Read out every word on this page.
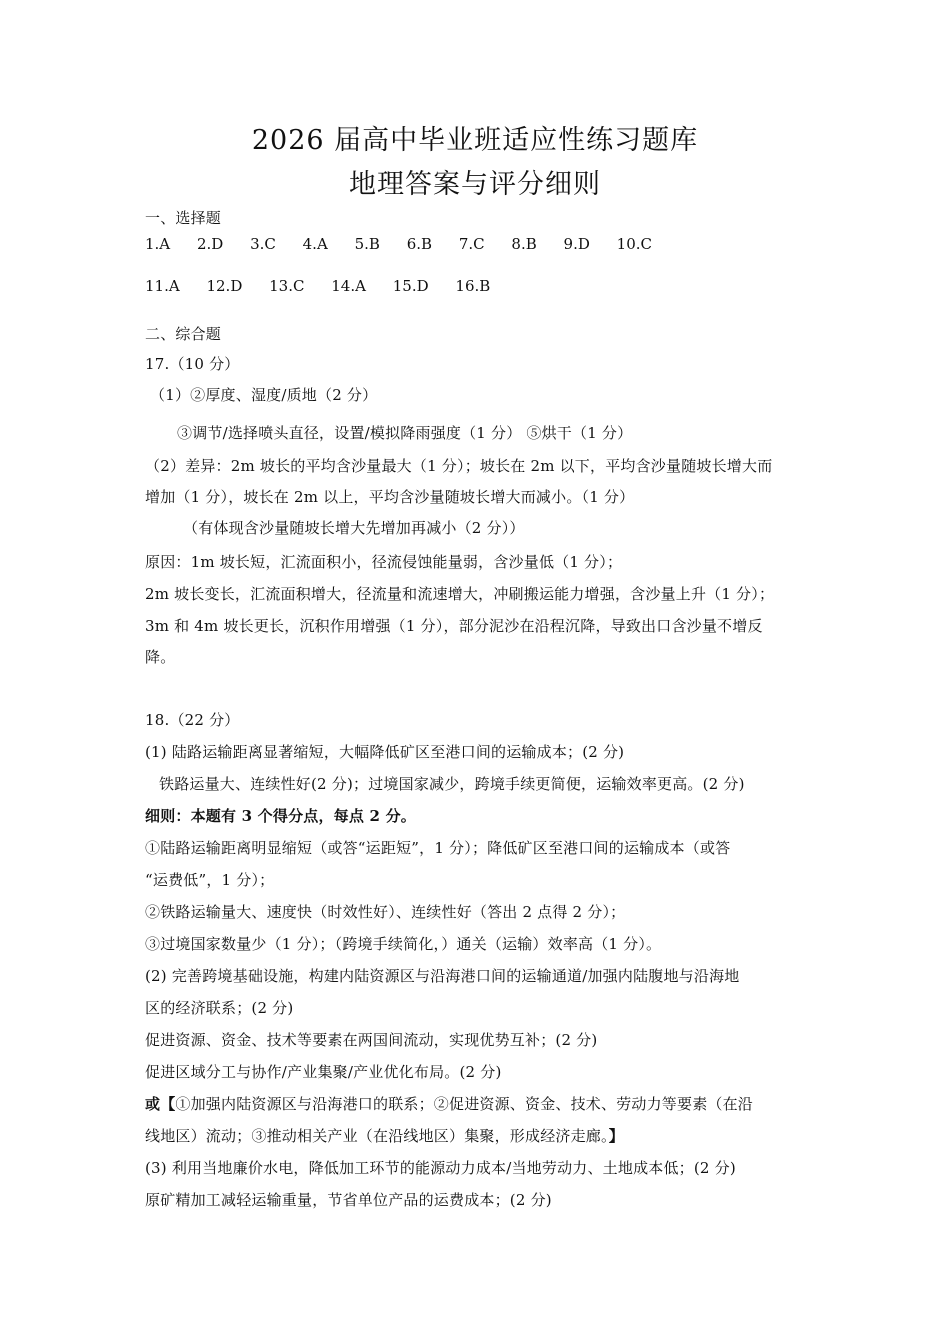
2026 届高中毕业班适应性练习题库
地理答案与评分细则
一、选择题
1.A 2.D 3.C 4.A 5.B 6.B 7.C 8.B 9.D 10.C
11.A 12.D 13.C 14.A 15.D 16.B
二、综合题
17.（10 分）
（1）②厚度、湿度/质地（2 分）
③调节/选择喷头直径，设置/模拟降雨强度（1 分） ⑤烘干（1 分）
（2）差异：2m 坡长的平均含沙量最大（1 分）；坡长在 2m 以下，平均含沙量随坡长增大而
增加（1 分），坡长在 2m 以上，平均含沙量随坡长增大而减小。（1 分）
（有体现含沙量随坡长增大先增加再减小（2 分））
原因：1m 坡长短，汇流面积小，径流侵蚀能量弱，含沙量低（1 分）；
2m 坡长变长，汇流面积增大，径流量和流速增大，冲刷搬运能力增强，含沙量上升（1 分）；
3m 和 4m 坡长更长，沉积作用增强（1 分），部分泥沙在沿程沉降，导致出口含沙量不增反
降。
18.（22 分）
(1) 陆路运输距离显著缩短，大幅降低矿区至港口间的运输成本；(2 分)
铁路运量大、连续性好(2 分)；过境国家减少，跨境手续更简便，运输效率更高。(2 分)
细则：本题有 3 个得分点，每点 2 分。
①陆路运输距离明显缩短（或答“运距短”，1 分）；降低矿区至港口间的运输成本（或答
“运费低”，1 分）；
②铁路运输量大、速度快（时效性好）、连续性好（答出 2 点得 2 分）；
③过境国家数量少（1 分）；（跨境手续简化，）通关（运输）效率高（1 分）。
(2) 完善跨境基础设施，构建内陆资源区与沿海港口间的运输通道/加强内陆腹地与沿海地
区的经济联系；(2 分)
促进资源、资金、技术等要素在两国间流动，实现优势互补；(2 分)
促进区域分工与协作/产业集聚/产业优化布局。(2 分)
或【①加强内陆资源区与沿海港口的联系；②促进资源、资金、技术、劳动力等要素（在沿
线地区）流动；③推动相关产业（在沿线地区）集聚，形成经济走廊。】
(3) 利用当地廉价水电，降低加工环节的能源动力成本/当地劳动力、土地成本低；(2 分)
原矿精加工减轻运输重量，节省单位产品的运费成本；(2 分)
